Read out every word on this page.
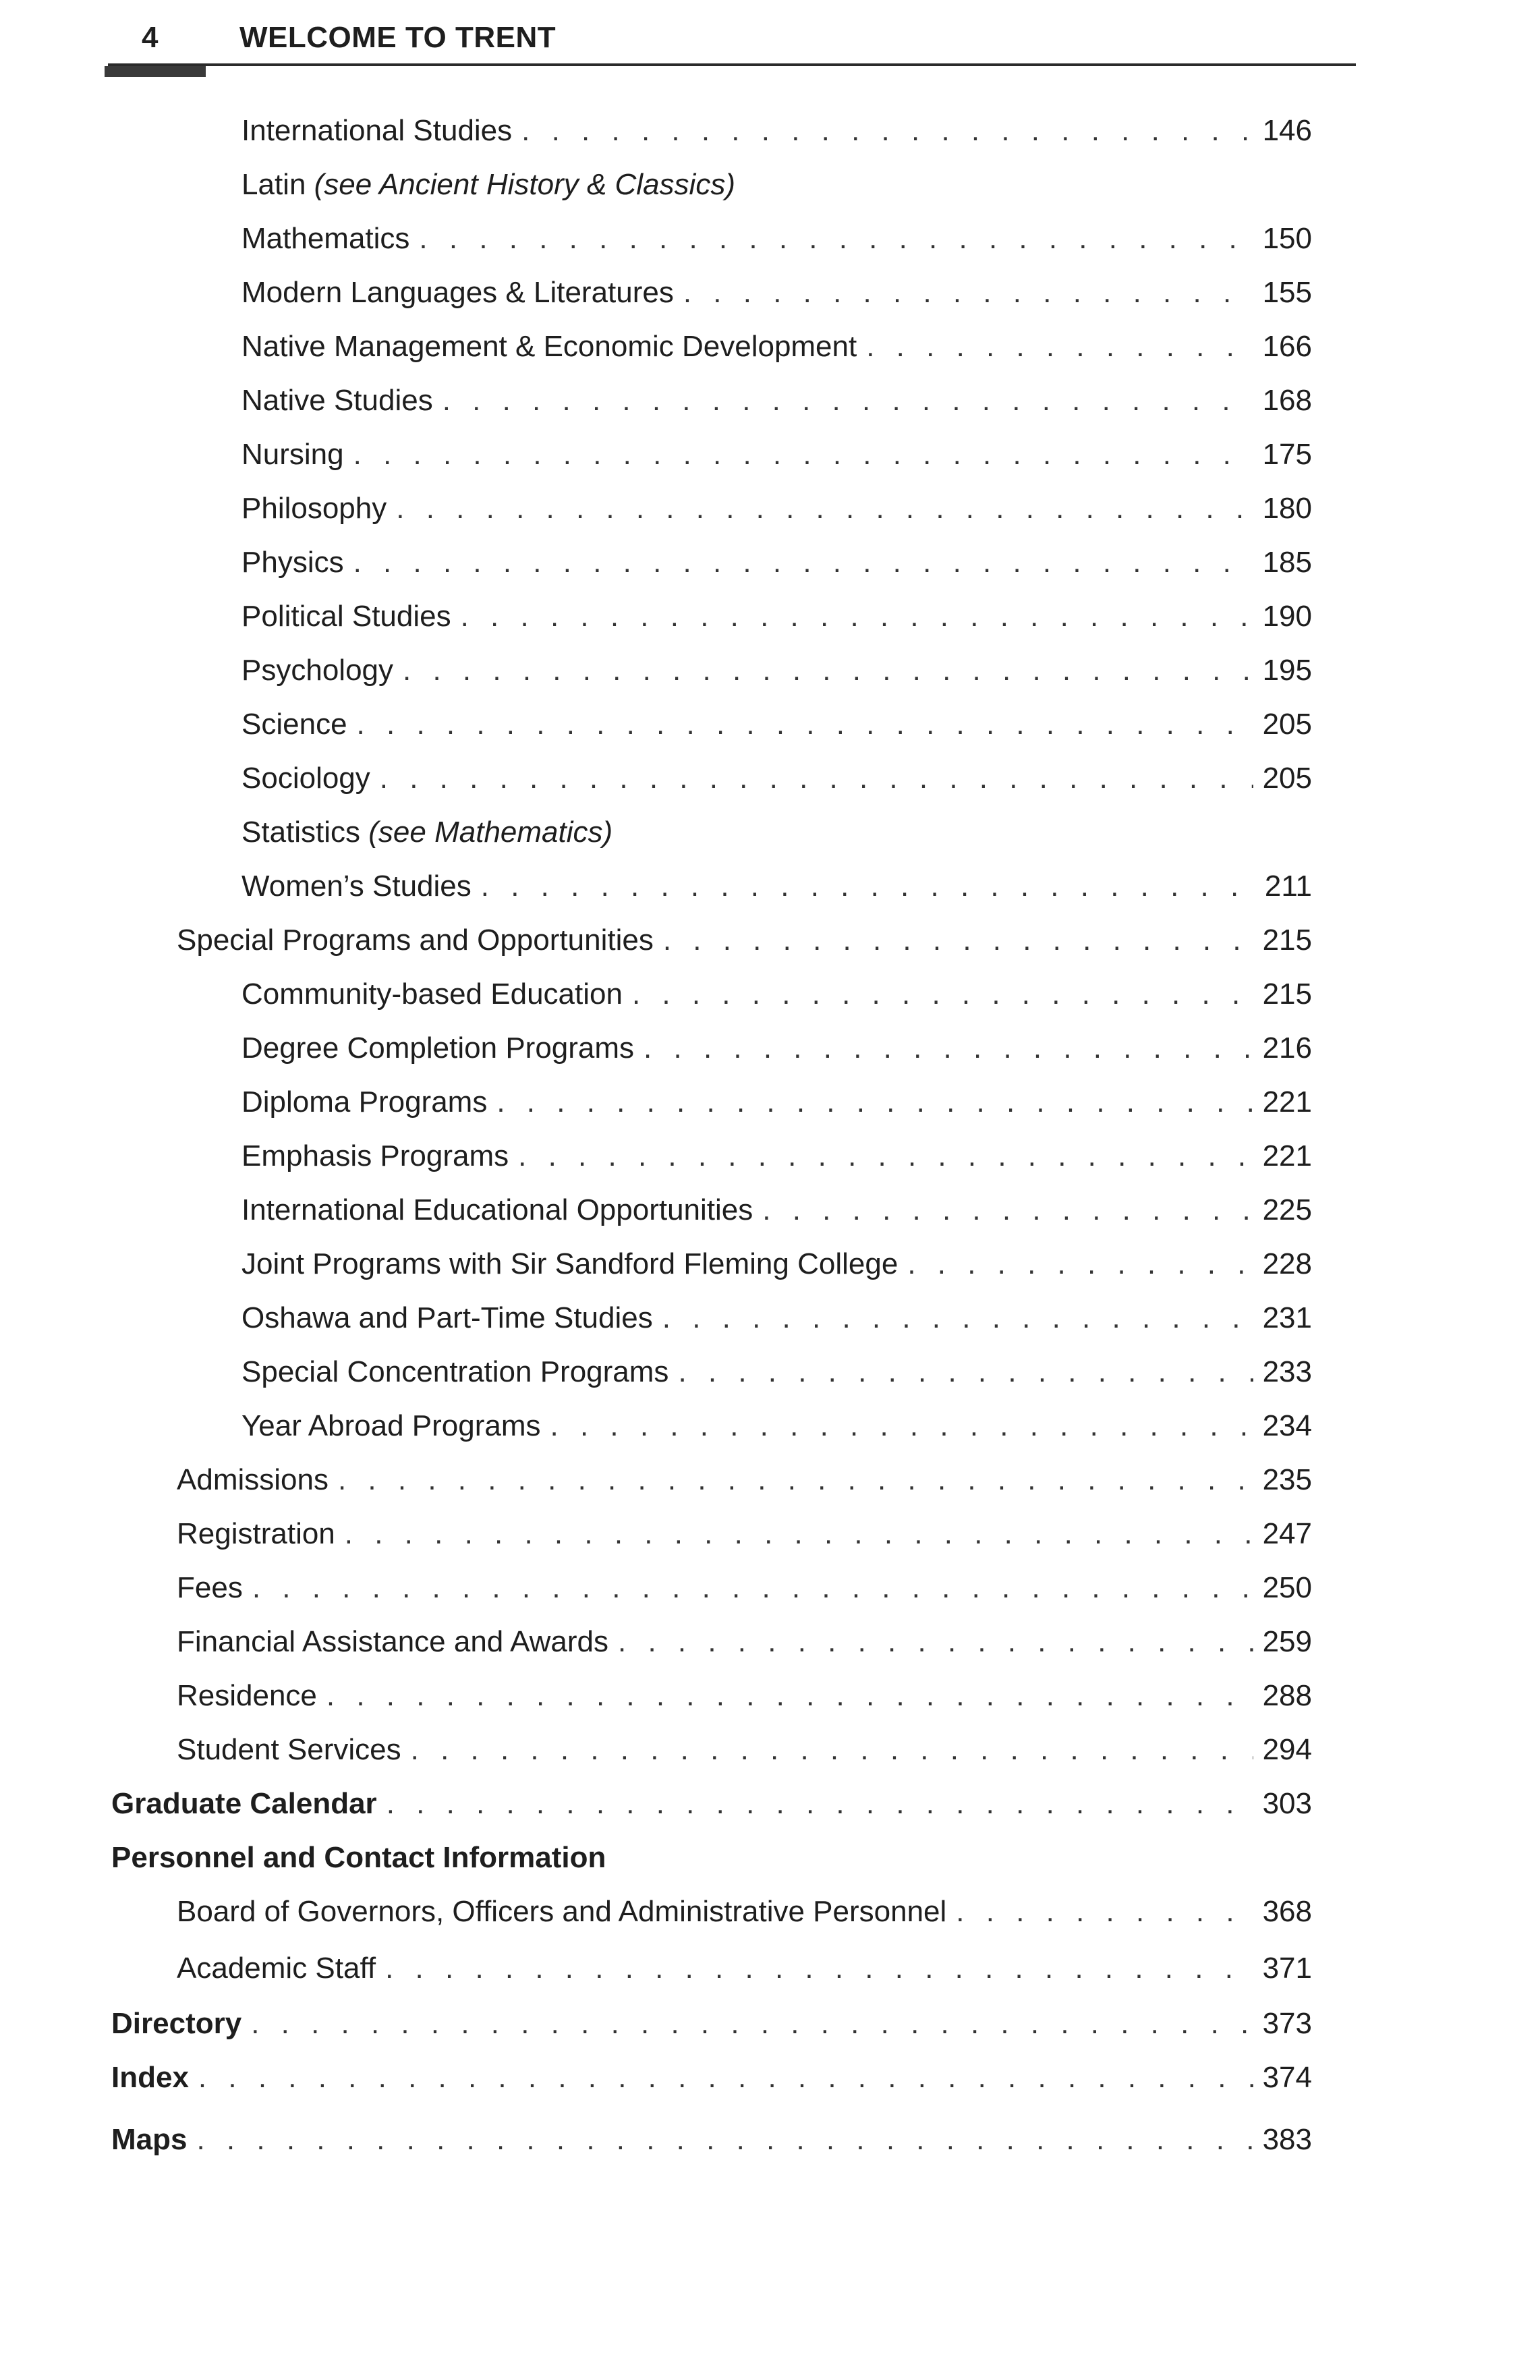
4	WELCOME TO TRENT
International Studies . . .	146
Latin (see Ancient History & Classics)
Mathematics . . .	150
Modern Languages & Literatures . . .	155
Native Management & Economic Development . . .	166
Native Studies . . .	168
Nursing . . .	175
Philosophy . . .	180
Physics . . .	185
Political Studies . . .	190
Psychology . . .	195
Science . . .	205
Sociology . . .	205
Statistics (see Mathematics)
Women’s Studies . . .	211
Special Programs and Opportunities . . .	215
Community-based Education . . .	215
Degree Completion Programs . . .	216
Diploma Programs . . .	221
Emphasis Programs . . .	221
International Educational Opportunities . . .	225
Joint Programs with Sir Sandford Fleming College . . .	228
Oshawa and Part-Time Studies . . .	231
Special Concentration Programs . . .	233
Year Abroad Programs . . .	234
Admissions . . .	235
Registration . . .	247
Fees . . .	250
Financial Assistance and Awards . . .	259
Residence . . .	288
Student Services . . .	294
Graduate Calendar . . .	303
Personnel and Contact Information
Board of Governors, Officers and Administrative Personnel . . .	368
Academic Staff . . .	371
Directory . . .	373
Index . . .	374
Maps . . .	383
